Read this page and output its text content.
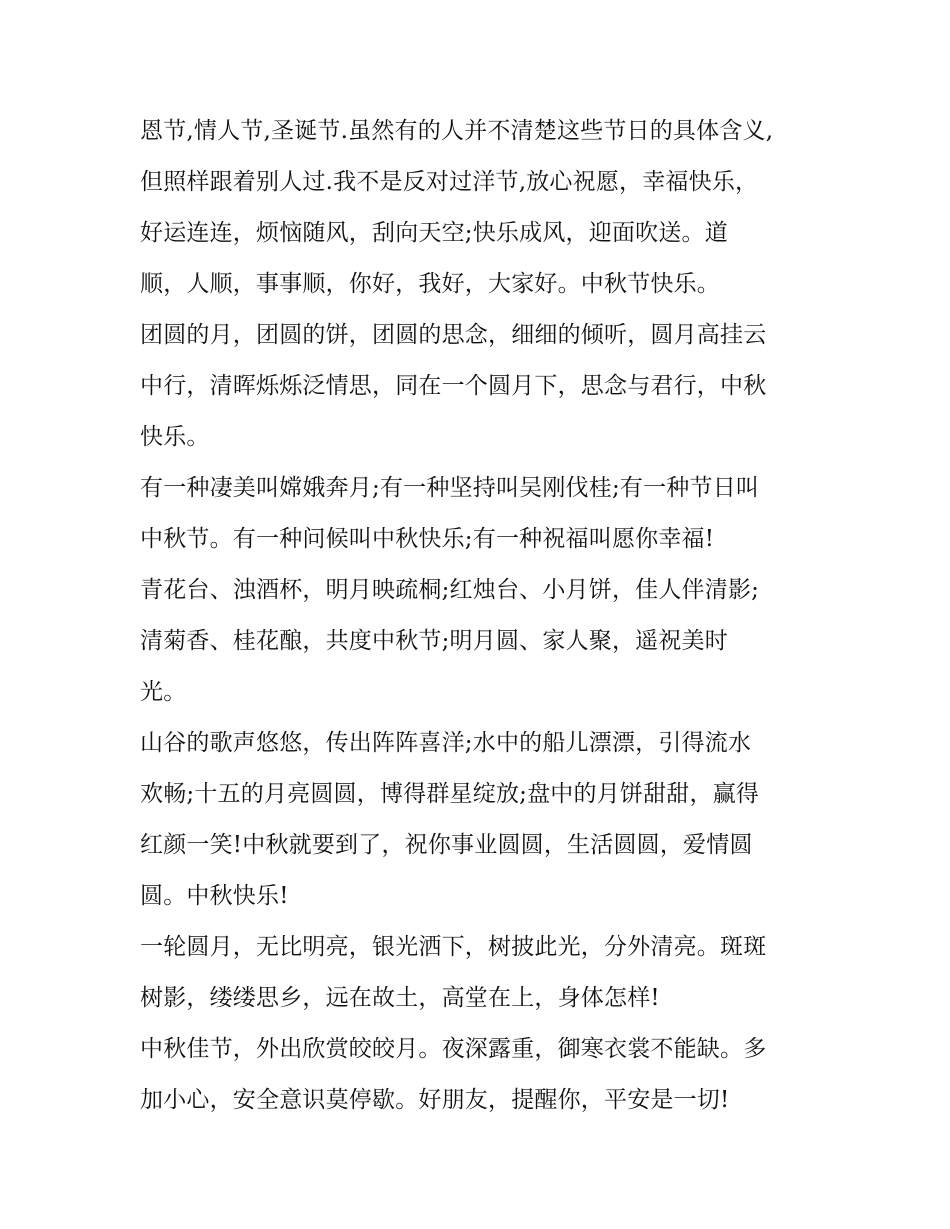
恩节,情人节,圣诞节.虽然有的人并不清楚这些节日的具体含义,
但照样跟着别人过.我不是反对过洋节,放心祝愿，幸福快乐，
好运连连，烦恼随风，刮向天空;快乐成风，迎面吹送。道
顺，人顺，事事顺，你好，我好，大家好。中秋节快乐。
团圆的月，团圆的饼，团圆的思念，细细的倾听，圆月高挂云
中行，清晖烁烁泛情思，同在一个圆月下，思念与君行，中秋
快乐。
有一种凄美叫嫦娥奔月;有一种坚持叫吴刚伐桂;有一种节日叫
中秋节。有一种问候叫中秋快乐;有一种祝福叫愿你幸福!
青花台、浊酒杯，明月映疏桐;红烛台、小月饼，佳人伴清影;
清菊香、桂花酿，共度中秋节;明月圆、家人聚，遥祝美时
光。
山谷的歌声悠悠，传出阵阵喜洋;水中的船儿漂漂，引得流水
欢畅;十五的月亮圆圆，博得群星绽放;盘中的月饼甜甜，赢得
红颜一笑!中秋就要到了，祝你事业圆圆，生活圆圆，爱情圆
圆。中秋快乐!
一轮圆月，无比明亮，银光洒下，树披此光，分外清亮。斑斑
树影，缕缕思乡，远在故土，高堂在上，身体怎样!
中秋佳节，外出欣赏皎皎月。夜深露重，御寒衣裳不能缺。多
加小心，安全意识莫停歇。好朋友，提醒你，平安是一切!
